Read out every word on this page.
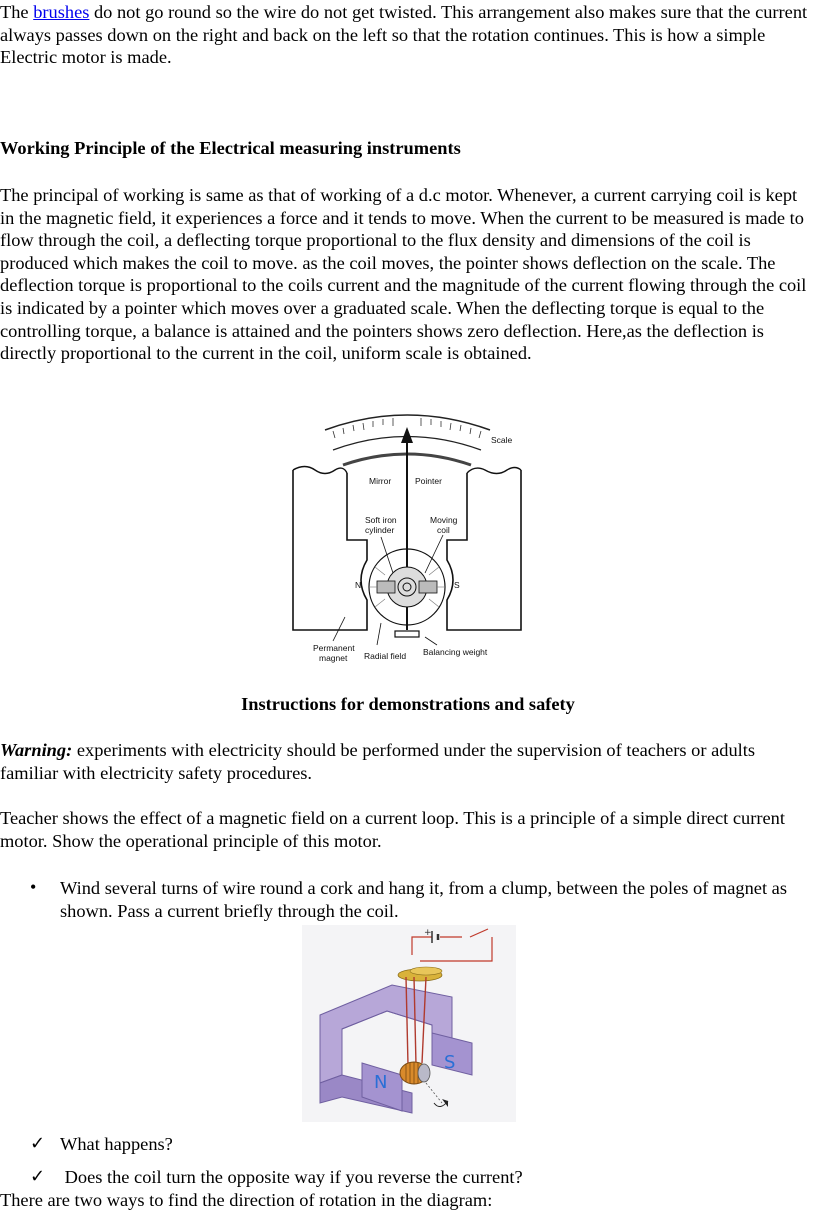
The brushes do not go round so the wire do not get twisted. This arrangement also makes sure that the current always passes down on the right and back on the left so that the rotation continues. This is how a simple Electric motor is made.

Working Principle of the Electrical measuring instruments

The principal of working is same as that of working of a d.c motor. Whenever, a current carrying coil is kept in the magnetic field, it experiences a force and it tends to move. When the current to be measured is made to flow through the coil, a deflecting torque proportional to the flux density and dimensions of the coil is produced which makes the coil to move. as the coil moves, the pointer shows deflection on the scale. The deflection torque is proportional to the coils current and the magnitude of the current flowing through the coil is indicated by a pointer which moves over a graduated scale. When the deflecting torque is equal to the controlling torque, a balance is attained and the pointers shows zero deflection. Here,as the deflection is directly proportional to the current in the coil, uniform scale is obtained.

Scale
Mirror	Pointer
Soft iron
cylinder
Moving
coil
N	S
Permanent
magnet Radial field Balancing weight

Instructions for demonstrations and safety

Warning: experiments with electricity should be performed under the supervision of teachers or adults familiar with electricity safety procedures.

Teacher shows the effect of a magnetic field on a current loop. This is a principle of a simple direct current motor. Show the operational principle of this motor.

• Wind several turns of wire round a cork and hang it, from a clump, between the poles of magnet as shown. Pass a current briefly through the coil.

+
N
S
✓ What happens?

✓ Does the coil turn the opposite way if you reverse the current?

There are two ways to find the direction of rotation in the diagram:
